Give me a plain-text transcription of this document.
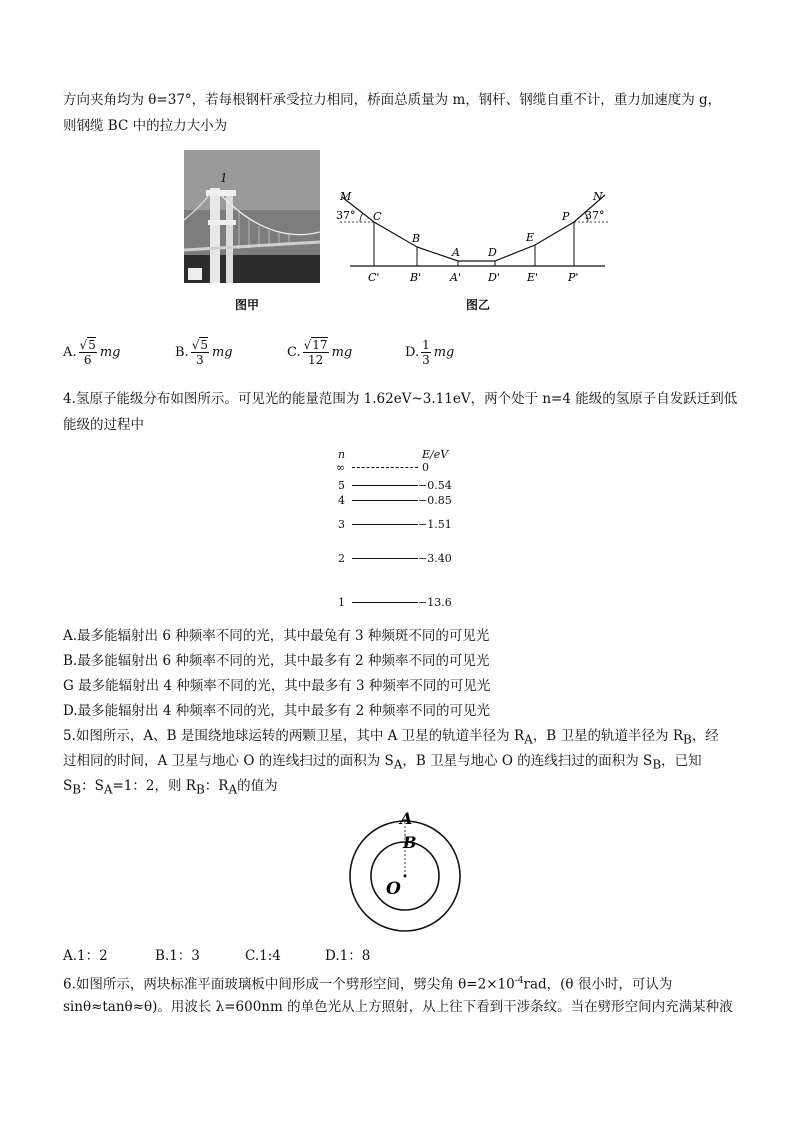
方向夹角均为 θ=37°，若每根钢杆承受拉力相同，桥面总质量为 m，钢杆、钢缆自重不计，重力加速度为 g，
则钢缆 BC 中的拉力大小为
1
图甲
M
C
B
A	D
E
P
N
37°	37°
C'	B'	A' D' E'	P'
图乙
A. $\frac{√5}{6}$ mg	B. $\frac{√5}{3}$ mg	C. $\frac{√17}{12}$ mg	D. $\frac{1}{3}$ mg
4.氢原子能级分布如图所示。可见光的能量范围为 1.62eV~3.11eV，两个处于 n=4 能级的氢原子自发跃迁到低
能级的过程中
n	E/eV
∞	0
5	−0.54
4	−0.85
3	−1.51
2	−3.40
1	−13.6
A.最多能辐射出 6 种频率不同的光，其中最兔有 3 种频斑不同的可见光
B.最多能辐射出 6 种频率不同的光，其中最多有 2 种频率不同的可见光
G 最多能辐射出 4 种频率不同的光，其中最多有 3 种频率不同的可见光
D.最多能辐射出 4 种频率不同的光，其中最多有 2 种频率不同的可见光
5.如图所示，A、B 是围绕地球运转的两颗卫星，其中 A 卫星的轨道半径为 $R_A$，B 卫星的轨道半径为 $R_B$，经
过相同的时间，A 卫星与地心 O 的连线扫过的面积为 $S_A$，B 卫星与地心 O 的连线扫过的面积为 $S_B$，已知
$S_B$：$S_A=1$：2，则 $R_B$：$R_A$的值为
A
B
O
A.1：2	B.1：3	C.1:4	D.1：8
6.如图所示，两块标准平面玻璃板中间形成一个劈形空间，劈尖角 $\theta=2\times 10^{-4}rad$，(θ 很小时，可认为
sinθ≈tanθ≈θ)。用波长 λ=600nm 的单色光从上方照射，从上往下看到干涉条纹。当在劈形空间内充满某种液
